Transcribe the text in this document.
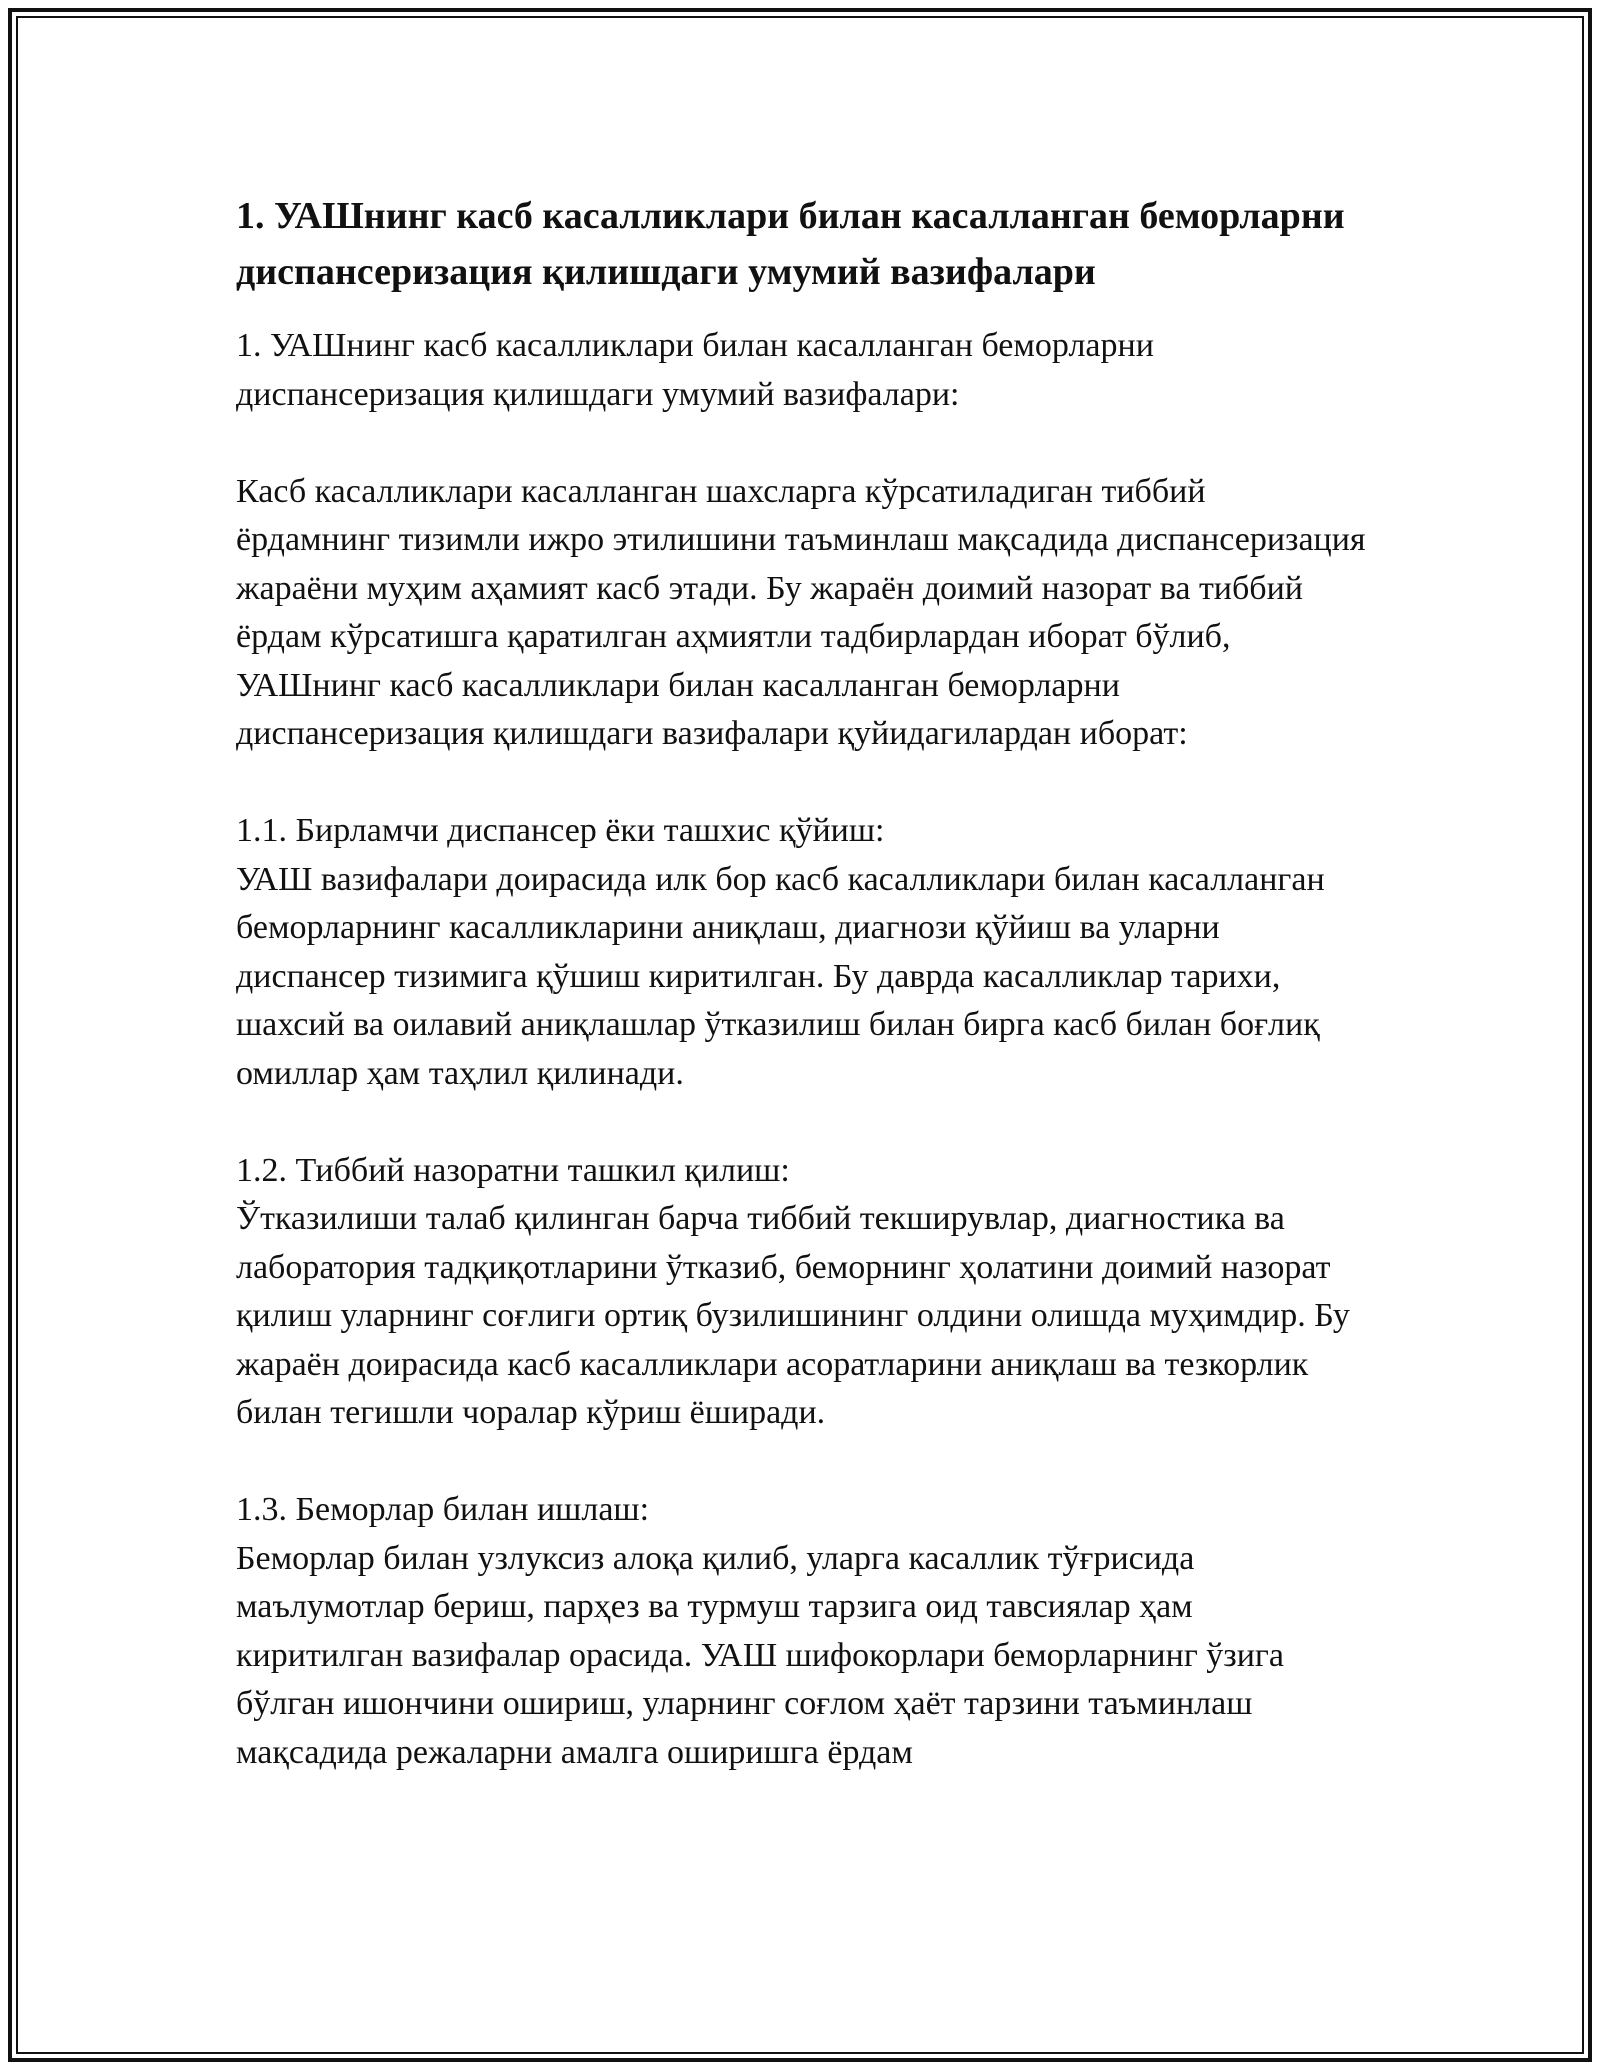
1. УАШнинг касб касалликлари билан касалланган беморларни диспансеризация қилишдаги умумий вазифалари

1. УАШнинг касб касалликлари билан касалланган беморларни диспансеризация қилишдаги умумий вазифалари:

Касб касалликлари касалланган шахсларга кўрсатиладиган тиббий ёрдамнинг тизимли ижро этилишини таъминлаш мақсадида диспансеризация жараёни муҳим аҳамият касб этади. Бу жараён доимий назорат ва тиббий ёрдам кўрсатишга қаратилган аҳмиятли тадбирлардан иборат бўлиб, УАШнинг касб касалликлари билан касалланган беморларни диспансеризация қилишдаги вазифалари қуйидагилардан иборат:

1.1. Бирламчи диспансер ёки ташхис қўйиш:

УАШ вазифалари доирасида илк бор касб касалликлари билан касалланган беморларнинг касалликларини аниқлаш, диагнози қўйиш ва уларни диспансер тизимига қўшиш киритилган. Бу даврда касалликлар тарихи, шахсий ва оилавий аниқлашлар ўтказилиш билан бирга касб билан боғлиқ омиллар ҳам таҳлил қилинади.

1.2. Тиббий назоратни ташкил қилиш:

Ўтказилиши талаб қилинган барча тиббий текширувлар, диагностика ва лаборатория тадқиқотларини ўтказиб, беморнинг ҳолатини доимий назорат қилиш уларнинг соғлиги ортиқ бузилишининг олдини олишда муҳимдир. Бу жараён доирасида касб касалликлари асоратларини аниқлаш ва тезкорлик билан тегишли чоралар кўриш ёширади.

1.3. Беморлар билан ишлаш:

Беморлар билан узлуксиз алоқа қилиб, уларга касаллик тўғрисида маълумотлар бериш, парҳез ва турмуш тарзига оид тавсиялар ҳам киритилган вазифалар орасида. УАШ шифокорлари беморларнинг ўзига бўлган ишончини ошириш, уларнинг соғлом ҳаёт тарзини таъминлаш мақсадида режаларни амалга оширишга ёрдам
